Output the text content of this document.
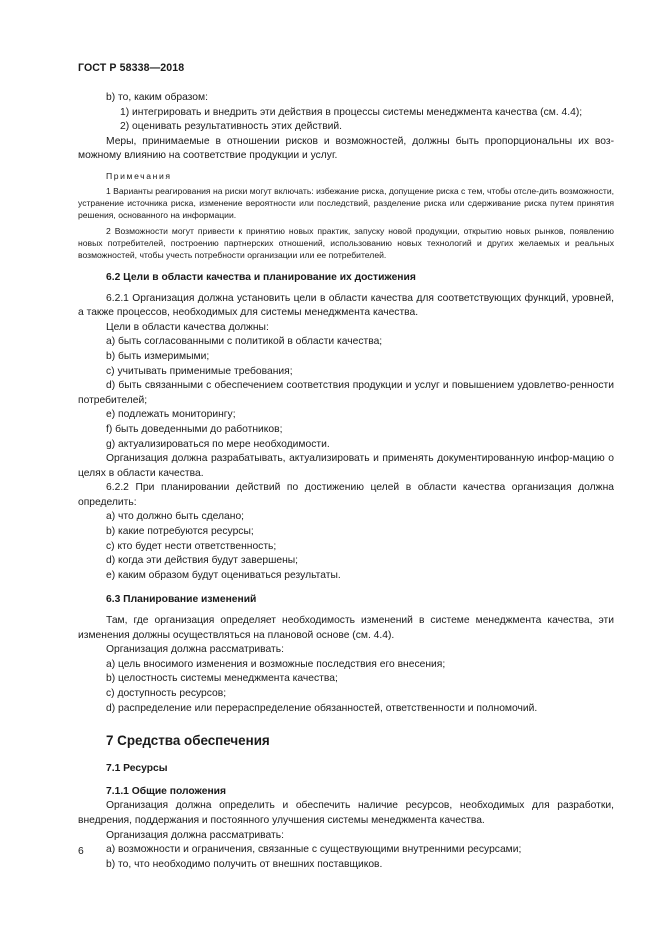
ГОСТ Р 58338—2018

b) то, каким образом:

1) интегрировать и внедрить эти действия в процессы системы менеджмента качества (см. 4.4);

2) оценивать результативность этих действий.

Меры, принимаемые в отношении рисков и возможностей, должны быть пропорциональны их воз-можному влиянию на соответствие продукции и услуг.

Примечания

1 Варианты реагирования на риски могут включать: избежание риска, допущение риска с тем, чтобы отсле-дить возможности, устранение источника риска, изменение вероятности или последствий, разделение риска или сдерживание риска путем принятия решения, основанного на информации.

2 Возможности могут привести к принятию новых практик, запуску новой продукции, открытию новых рынков, появлению новых потребителей, построению партнерских отношений, использованию новых технологий и других желаемых и реальных возможностей, чтобы учесть потребности организации или ее потребителей.

6.2 Цели в области качества и планирование их достижения

6.2.1 Организация должна установить цели в области качества для соответствующих функций, уровней, а также процессов, необходимых для системы менеджмента качества.

Цели в области качества должны:

a) быть согласованными с политикой в области качества;

b) быть измеримыми;

c) учитывать применимые требования;

d) быть связанными с обеспечением соответствия продукции и услуг и повышением удовлетво-ренности потребителей;

e) подлежать мониторингу;

f) быть доведенными до работников;

g) актуализироваться по мере необходимости.

Организация должна разрабатывать, актуализировать и применять документированную инфор-мацию о целях в области качества.

6.2.2 При планировании действий по достижению целей в области качества организация должна определить:

a) что должно быть сделано;

b) какие потребуются ресурсы;

c) кто будет нести ответственность;

d) когда эти действия будут завершены;

e) каким образом будут оцениваться результаты.

6.3 Планирование изменений

Там, где организация определяет необходимость изменений в системе менеджмента качества, эти изменения должны осуществляться на плановой основе (см. 4.4).

Организация должна рассматривать:

a) цель вносимого изменения и возможные последствия его внесения;

b) целостность системы менеджмента качества;

c) доступность ресурсов;

d) распределение или перераспределение обязанностей, ответственности и полномочий.

7 Средства обеспечения

7.1 Ресурсы

7.1.1 Общие положения

Организация должна определить и обеспечить наличие ресурсов, необходимых для разработки, внедрения, поддержания и постоянного улучшения системы менеджмента качества.

Организация должна рассматривать:

a) возможности и ограничения, связанные с существующими внутренними ресурсами;

b) то, что необходимо получить от внешних поставщиков.

6
